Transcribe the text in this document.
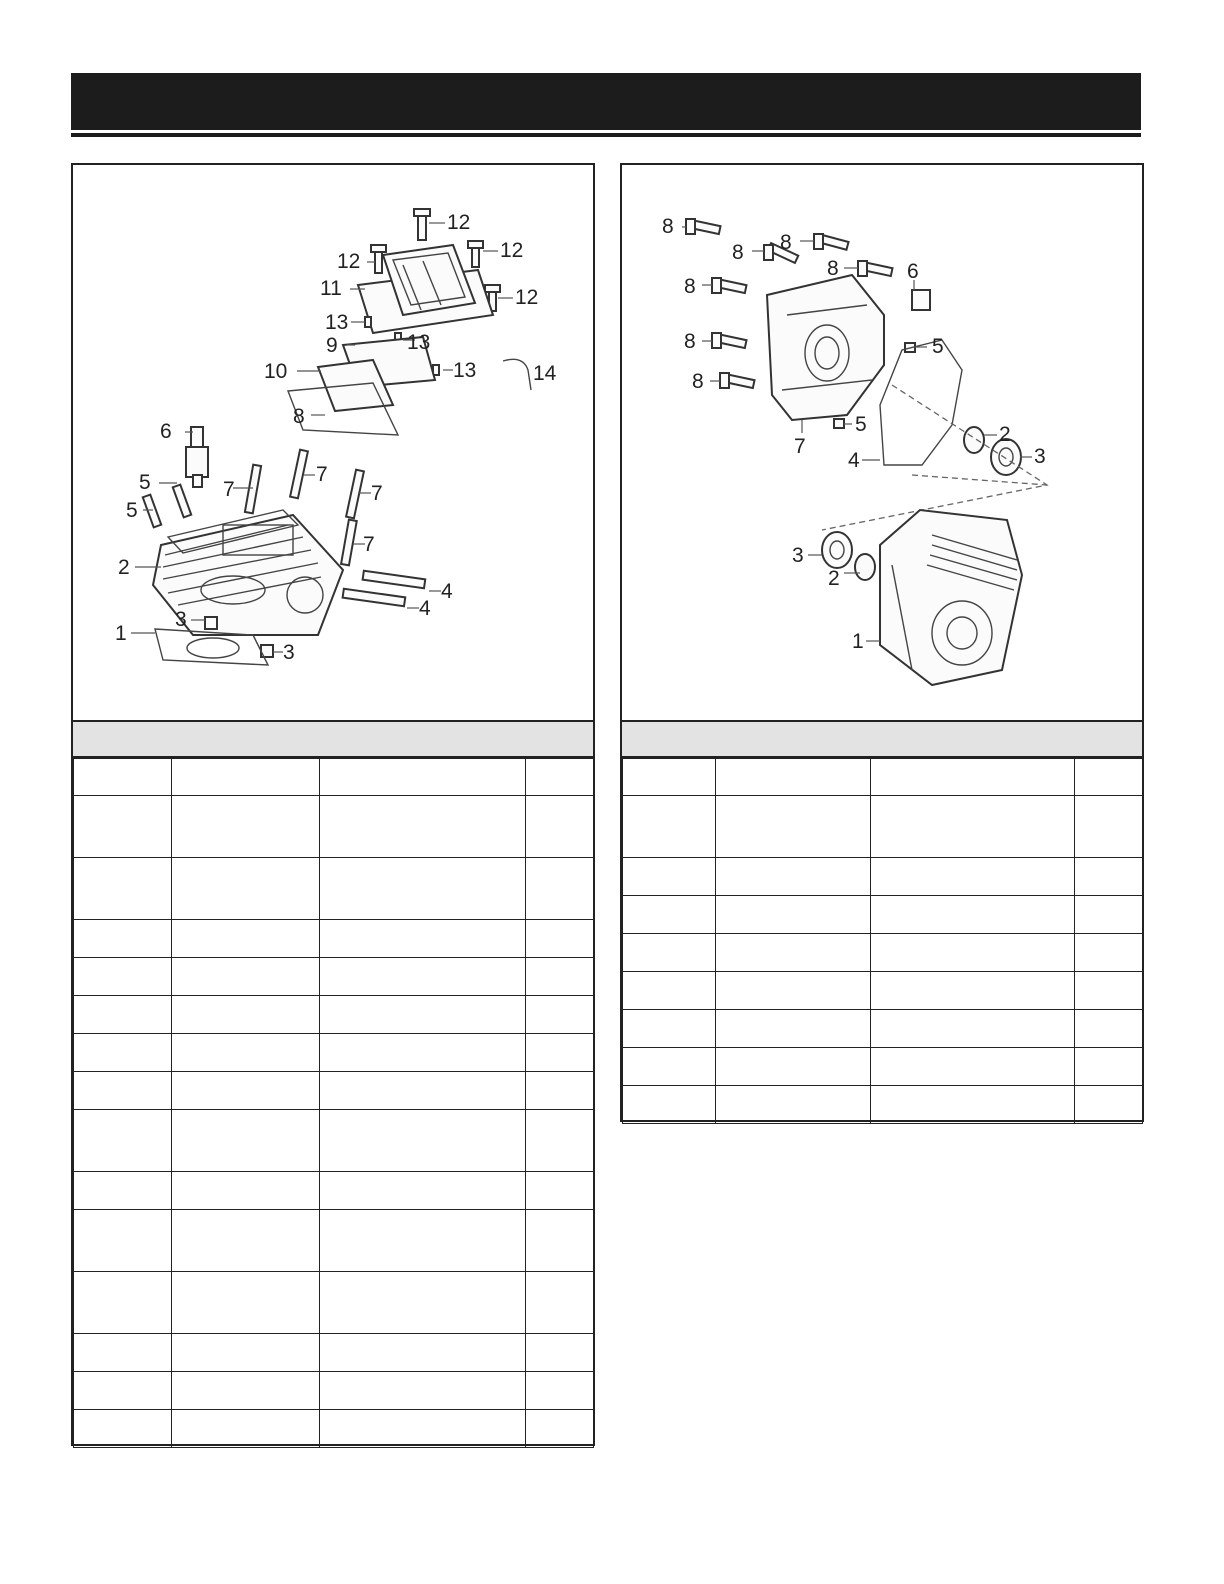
12
12	12
12
11
13
13
13	14
9
10
8
6
7
7
7
7
5
5
4
4
2
3
3
1

8
8 8
8
8
8
8
6
5
5
7
4
2
3
3
2
1
